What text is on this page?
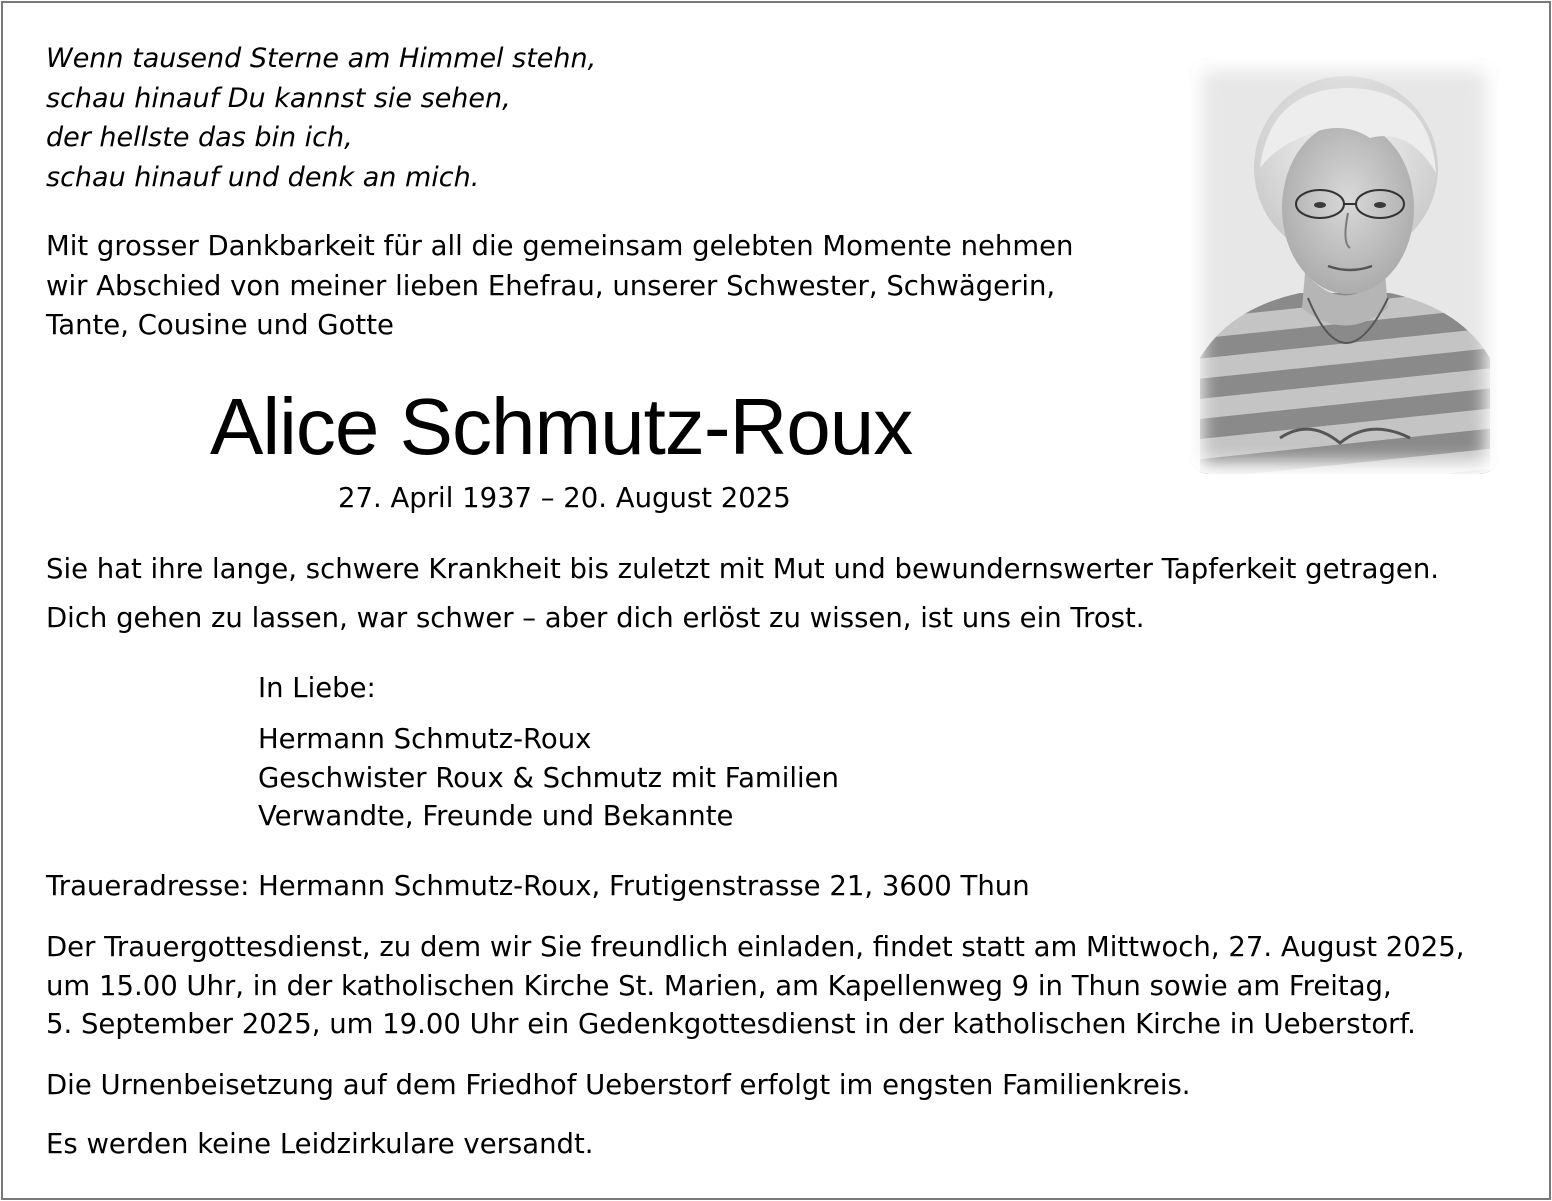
Wenn tausend Sterne am Himmel stehn,
schau hinauf Du kannst sie sehen,
der hellste das bin ich,
schau hinauf und denk an mich.
Mit grosser Dankbarkeit für all die gemeinsam gelebten Momente nehmen
wir Abschied von meiner lieben Ehefrau, unserer Schwester, Schwägerin,
Tante, Cousine und Gotte
Alice Schmutz-Roux
27. April 1937 – 20. August 2025
Sie hat ihre lange, schwere Krankheit bis zuletzt mit Mut und bewundernswerter Tapferkeit getragen.
Dich gehen zu lassen, war schwer – aber dich erlöst zu wissen, ist uns ein Trost.
In Liebe:
Hermann Schmutz-Roux
Geschwister Roux & Schmutz mit Familien
Verwandte, Freunde und Bekannte
Traueradresse: Hermann Schmutz-Roux, Frutigenstrasse 21, 3600 Thun
Der Trauergottesdienst, zu dem wir Sie freundlich einladen, findet statt am Mittwoch, 27. August 2025,
um 15.00 Uhr, in der katholischen Kirche St. Marien, am Kapellenweg 9 in Thun sowie am Freitag,
5. September 2025, um 19.00 Uhr ein Gedenkgottesdienst in der katholischen Kirche in Ueberstorf.
Die Urnenbeisetzung auf dem Friedhof Ueberstorf erfolgt im engsten Familienkreis.
Es werden keine Leidzirkulare versandt.
